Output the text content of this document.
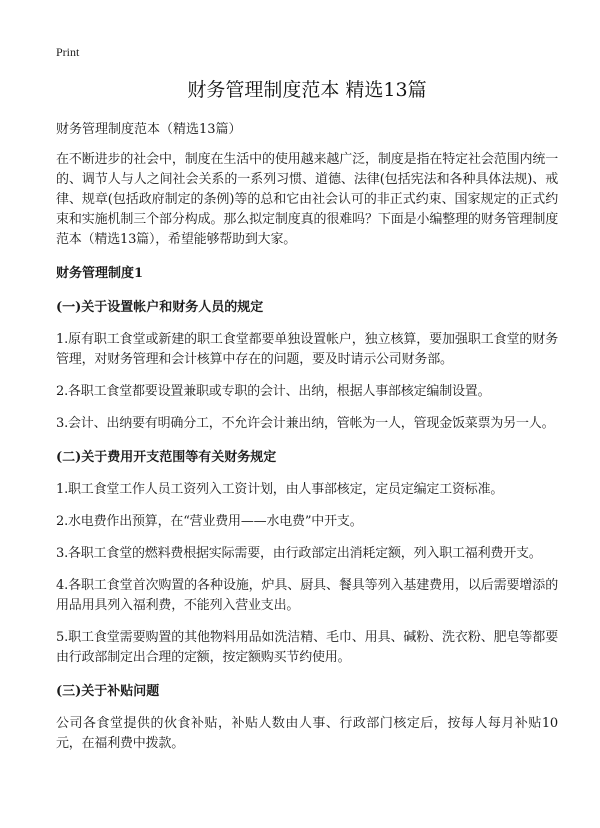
Print
财务管理制度范本 精选13篇
财务管理制度范本（精选13篇）

在不断进步的社会中，制度在生活中的使用越来越广泛，制度是指在特定社会范围内统一的、调节人与人之间社会关系的一系列习惯、道德、法律(包括宪法和各种具体法规)、戒律、规章(包括政府制定的条例)等的总和它由社会认可的非正式约束、国家规定的正式约束和实施机制三个部分构成。那么拟定制度真的很难吗？下面是小编整理的财务管理制度范本（精选13篇），希望能够帮助到大家。

财务管理制度1
(一)关于设置帐户和财务人员的规定

1.原有职工食堂或新建的职工食堂都要单独设置帐户，独立核算，要加强职工食堂的财务管理，对财务管理和会计核算中存在的问题，要及时请示公司财务部。

2.各职工食堂都要设置兼职或专职的会计、出纳，根据人事部核定编制设置。

3.会计、出纳要有明确分工，不允许会计兼出纳，管帐为一人，管现金饭菜票为另一人。

(二)关于费用开支范围等有关财务规定

1.职工食堂工作人员工资列入工资计划，由人事部核定，定员定编定工资标准。

2.水电费作出预算，在“营业费用——水电费”中开支。

3.各职工食堂的燃料费根据实际需要，由行政部定出消耗定额，列入职工福利费开支。

4.各职工食堂首次购置的各种设施，炉具、厨具、餐具等列入基建费用，以后需要增添的用品用具列入福利费，不能列入营业支出。

5.职工食堂需要购置的其他物料用品如洗洁精、毛巾、用具、碱粉、洗衣粉、肥皂等都要由行政部制定出合理的定额，按定额购买节约使用。

(三)关于补贴问题

公司各食堂提供的伙食补贴，补贴人数由人事、行政部门核定后，按每人每月补贴10元，在福利费中拨款。
